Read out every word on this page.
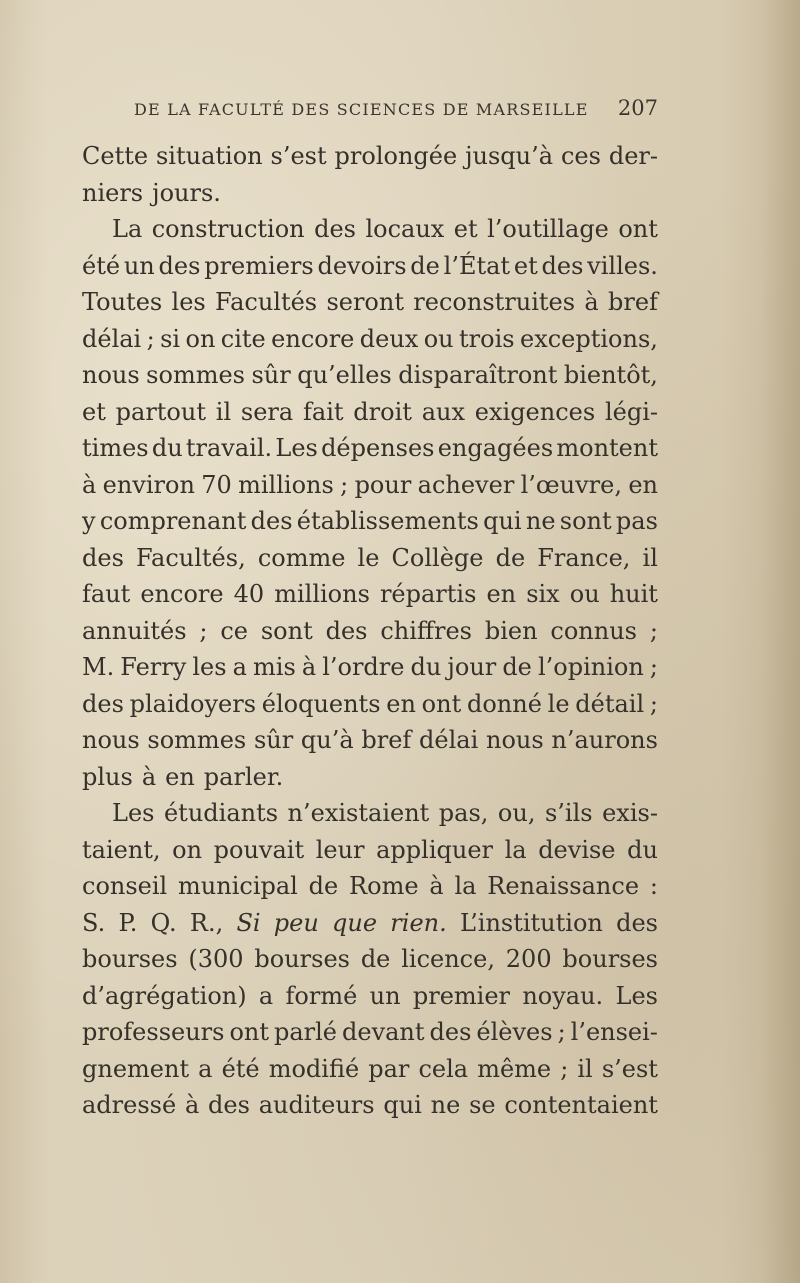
DE LA FACULTÉ DES SCIENCES DE MARSEILLE 207
Cette situation s’est prolongée jusqu’à ces der-
niers jours.
La construction des locaux et l’outillage ont
été un des premiers devoirs de l’État et des villes.
Toutes les Facultés seront reconstruites à bref
délai ; si on cite encore deux ou trois exceptions,
nous sommes sûr qu’elles disparaîtront bientôt,
et partout il sera fait droit aux exigences légi-
times du travail. Les dépenses engagées montent
à environ 70 millions ; pour achever l’œuvre, en
y comprenant des établissements qui ne sont pas
des Facultés, comme le Collège de France, il
faut encore 40 millions répartis en six ou huit
annuités ; ce sont des chiffres bien connus ;
M. Ferry les a mis à l’ordre du jour de l’opinion ;
des plaidoyers éloquents en ont donné le détail ;
nous sommes sûr qu’à bref délai nous n’aurons
plus à en parler.
Les étudiants n’existaient pas, ou, s’ils exis-
taient, on pouvait leur appliquer la devise du
conseil municipal de Rome à la Renaissance :
S. P. Q. R., Si peu que rien. L’institution des
bourses (300 bourses de licence, 200 bourses
d’agrégation) a formé un premier noyau. Les
professeurs ont parlé devant des élèves ; l’ensei-
gnement a été modifié par cela même ; il s’est
adressé à des auditeurs qui ne se contentaient
